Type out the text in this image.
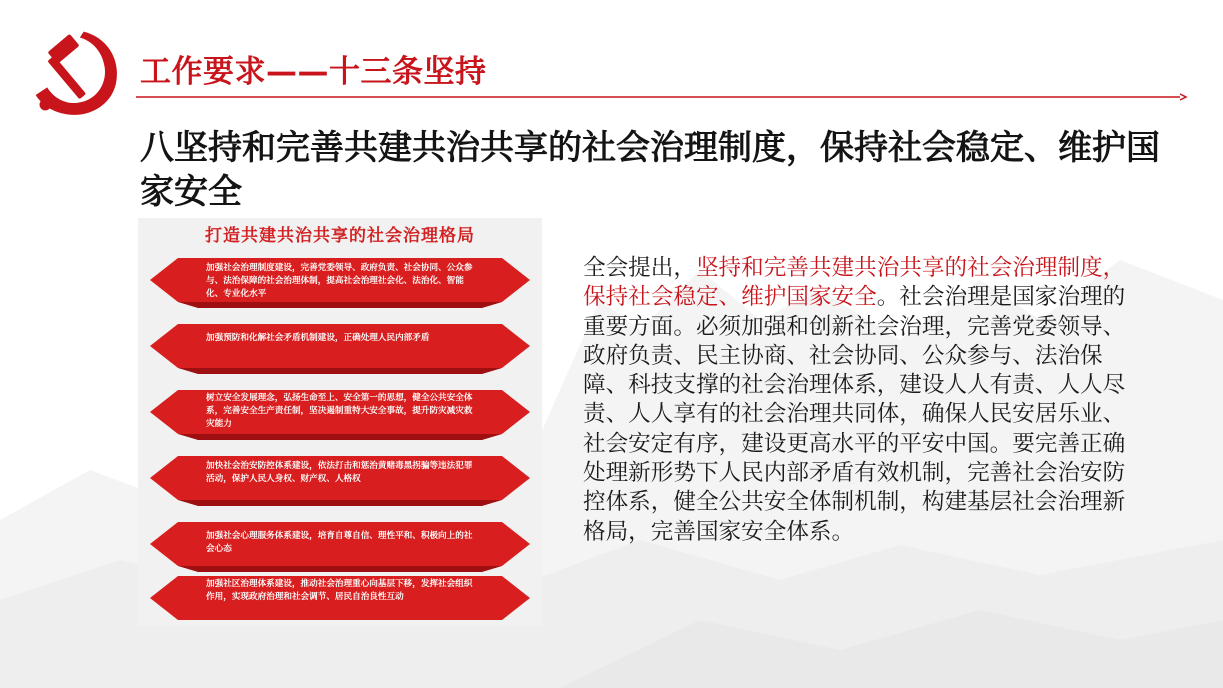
工作要求——十三条坚持
八坚持和完善共建共治共享的社会治理制度，保持社会稳定、维护国家安全
打造共建共治共享的社会治理格局
加强社会治理制度建设，完善党委领导、政府负责、社会协同、公众参与、法治保障的社会治理体制，提高社会治理社会化、法治化、智能化、专业化水平
加强预防和化解社会矛盾机制建设，正确处理人民内部矛盾
树立安全发展理念，弘扬生命至上、安全第一的思想，健全公共安全体系，完善安全生产责任制，坚决遏制重特大安全事故，提升防灾减灾救灾能力
加快社会治安防控体系建设，依法打击和惩治黄赌毒黑拐骗等违法犯罪活动，保护人民人身权、财产权、人格权
加强社会心理服务体系建设，培育自尊自信、理性平和、积极向上的社会心态
加强社区治理体系建设，推动社会治理重心向基层下移，发挥社会组织作用，实现政府治理和社会调节、居民自治良性互动

全会提出，坚持和完善共建共治共享的社会治理制度，保持社会稳定、维护国家安全。社会治理是国家治理的重要方面。必须加强和创新社会治理，完善党委领导、政府负责、民主协商、社会协同、公众参与、法治保障、科技支撑的社会治理体系，建设人人有责、人人尽责、人人享有的社会治理共同体，确保人民安居乐业、社会安定有序，建设更高水平的平安中国。要完善正确处理新形势下人民内部矛盾有效机制，完善社会治安防控体系，健全公共安全体制机制，构建基层社会治理新格局，完善国家安全体系。
